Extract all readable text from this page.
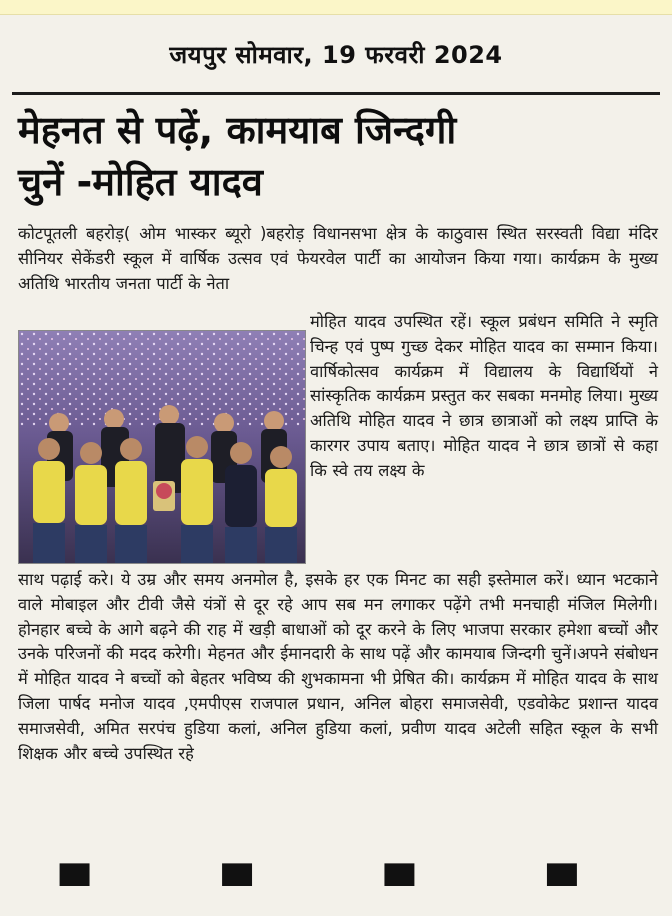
जयपुर सोमवार, 19 फरवरी 2024
मेहनत से पढ़ें, कामयाब जिन्दगी
चुनें -मोहित यादव
कोटपूतली बहरोड़( ओम भास्कर ब्यूरो )बहरोड़ विधानसभा क्षेत्र के काठुवास स्थित सरस्वती विद्या मंदिर सीनियर सेकेंडरी स्कूल में वार्षिक उत्सव एवं फेयरवेल पार्टी का आयोजन किया गया। कार्यक्रम के मुख्य अतिथि भारतीय जनता पार्टी के नेता
मोहित यादव उपस्थित रहें। स्कूल प्रबंधन समिति ने स्मृति चिन्ह एवं पुष्प गुच्छ देकर मोहित यादव का सम्मान किया। वार्षिकोत्सव कार्यक्रम में विद्यालय के विद्यार्थियों ने सांस्कृतिक कार्यक्रम प्रस्तुत कर सबका मनमोह लिया। मुख्य अतिथि मोहित यादव ने छात्र छात्राओं को लक्ष्य प्राप्ति के कारगर उपाय बताए। मोहित यादव ने छात्र छात्रों से कहा कि स्वे तय लक्ष्य के
साथ पढ़ाई करे। ये उम्र और समय अनमोल है, इसके हर एक मिनट का सही इस्तेमाल करें। ध्यान भटकाने वाले मोबाइल और टीवी जैसे यंत्रों से दूर रहे आप सब मन लगाकर पढ़ेंगे तभी मनचाही मंजिल मिलेगी। होनहार बच्चे के आगे बढ़ने की राह में खड़ी बाधाओं को दूर करने के लिए भाजपा सरकार हमेशा बच्चों और उनके परिजनों की मदद करेगी। मेहनत और ईमानदारी के साथ पढ़ें और कामयाब जिन्दगी चुनें।अपने संबोधन में मोहित यादव ने बच्चों को बेहतर भविष्य की शुभकामना भी प्रेषित की। कार्यक्रम में मोहित यादव के साथ जिला पार्षद मनोज यादव ,एमपीएस राजपाल प्रधान, अनिल बोहरा समाजसेवी, एडवोकेट प्रशान्त यादव समाजसेवी, अमित सरपंच हुडिया कलां, अनिल हुडिया कलां, प्रवीण यादव अटेली सहित स्कूल के सभी शिक्षक और बच्चे उपस्थित रहे
▀ ▀ ▀ ▀
